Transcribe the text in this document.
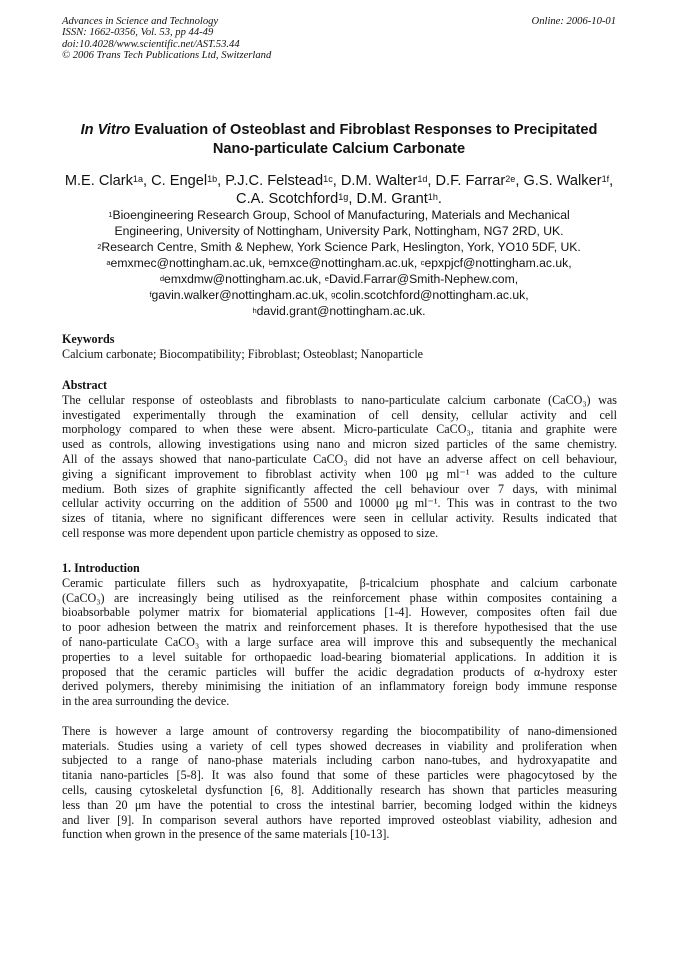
Advances in Science and Technology
ISSN: 1662-0356, Vol. 53, pp 44-49
doi:10.4028/www.scientific.net/AST.53.44
© 2006 Trans Tech Publications Ltd, Switzerland
Online: 2006-10-01
In Vitro Evaluation of Osteoblast and Fibroblast Responses to Precipitated
Nano-particulate Calcium Carbonate
M.E. Clark$^{1a}$, C. Engel$^{1b}$, P.J.C. Felstead$^{1c}$, D.M. Walter$^{1d}$, D.F. Farrar$^{2e}$, G.S. Walker$^{1f}$, C.A. Scotchford$^{1g}$, D.M. Grant$^{1h}$.
$^1$Bioengineering Research Group, School of Manufacturing, Materials and Mechanical
Engineering, University of Nottingham, University Park, Nottingham, NG7 2RD, UK.
$^2$Research Centre, Smith & Nephew, York Science Park, Heslington, York, YO10 5DF, UK.
$^a$emxmec@nottingham.ac.uk, $^b$emxce@nottingham.ac.uk, $^c$epxpjcf@nottingham.ac.uk,
$^d$emxdmw@nottingham.ac.uk, $^e$David.Farrar@Smith-Nephew.com,
$^f$gavin.walker@nottingham.ac.uk, $^g$colin.scotchford@nottingham.ac.uk,
$^h$david.grant@nottingham.ac.uk.
Keywords
Calcium carbonate; Biocompatibility; Fibroblast; Osteoblast; Nanoparticle
Abstract
The cellular response of osteoblasts and fibroblasts to nano-particulate calcium carbonate (CaCO₃) was
investigated experimentally through the examination of cell density, cellular activity and cell
morphology compared to when these were absent. Micro-particulate CaCO₃, titania and graphite were
used as controls, allowing investigations using nano and micron sized particles of the same chemistry.
All of the assays showed that nano-particulate CaCO₃ did not have an adverse affect on cell behaviour,
giving a significant improvement to fibroblast activity when 100 μg ml⁻¹ was added to the culture
medium. Both sizes of graphite significantly affected the cell behaviour over 7 days, with minimal
cellular activity occurring on the addition of 5500 and 10000 μg ml⁻¹. This was in contrast to the two
sizes of titania, where no significant differences were seen in cellular activity. Results indicated that
cell response was more dependent upon particle chemistry as opposed to size.
1. Introduction
Ceramic particulate fillers such as hydroxyapatite, β-tricalcium phosphate and calcium carbonate
(CaCO₃) are increasingly being utilised as the reinforcement phase within composites containing a
bioabsorbable polymer matrix for biomaterial applications [1-4]. However, composites often fail due
to poor adhesion between the matrix and reinforcement phases. It is therefore hypothesised that the use
of nano-particulate CaCO₃ with a large surface area will improve this and subsequently the mechanical
properties to a level suitable for orthopaedic load-bearing biomaterial applications. In addition it is
proposed that the ceramic particles will buffer the acidic degradation products of α-hydroxy ester
derived polymers, thereby minimising the initiation of an inflammatory foreign body immune response
in the area surrounding the device.
There is however a large amount of controversy regarding the biocompatibility of nano-dimensioned
materials. Studies using a variety of cell types showed decreases in viability and proliferation when
subjected to a range of nano-phase materials including carbon nano-tubes, and hydroxyapatite and
titania nano-particles [5-8]. It was also found that some of these particles were phagocytosed by the
cells, causing cytoskeletal dysfunction [6, 8]. Additionally research has shown that particles measuring
less than 20 μm have the potential to cross the intestinal barrier, becoming lodged within the kidneys
and liver [9]. In comparison several authors have reported improved osteoblast viability, adhesion and
function when grown in the presence of the same materials [10-13].
